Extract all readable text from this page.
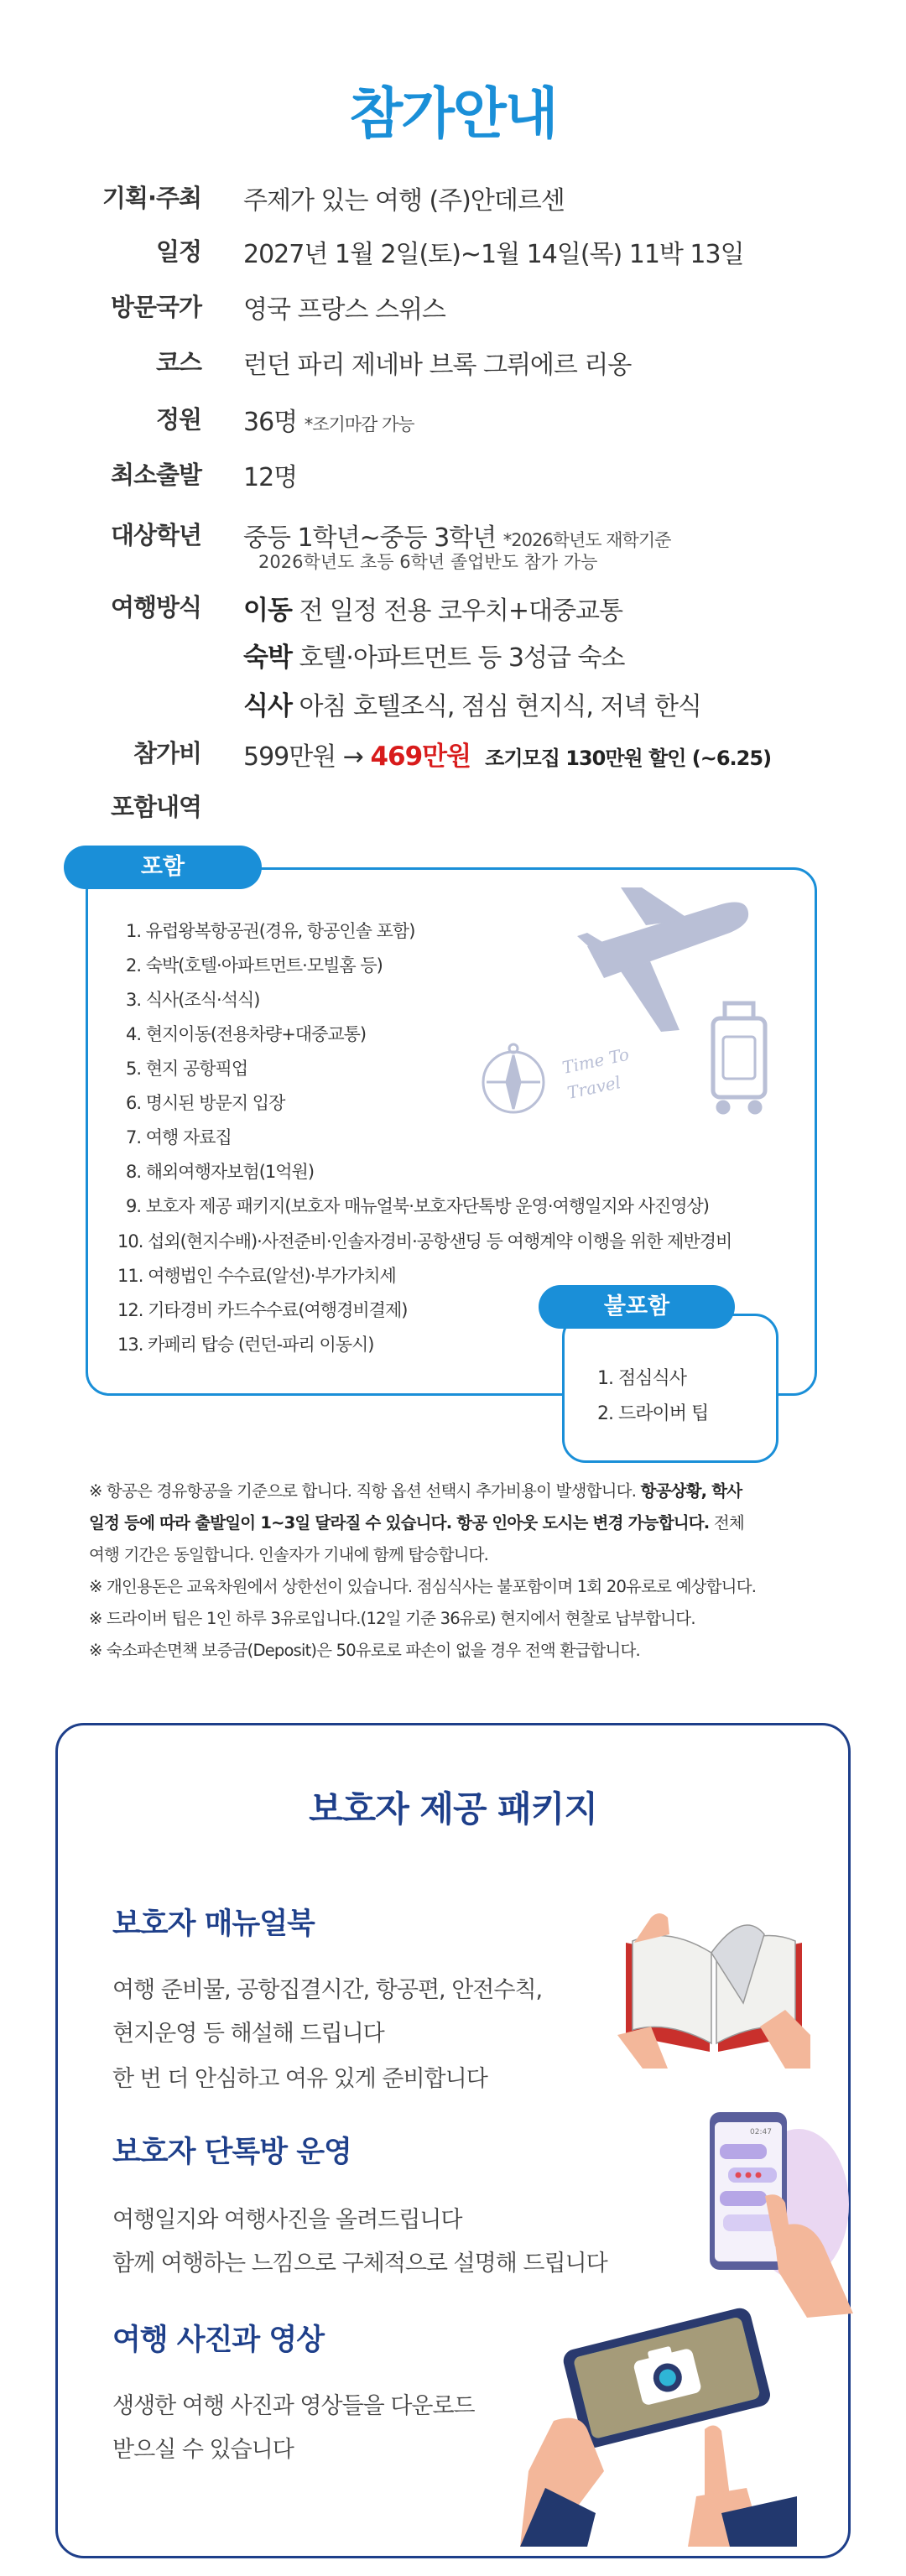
참가안내
기획·주최 주제가 있는 여행 (주)안데르센
일정 2027년 1월 2일(토)~1월 14일(목) 11박 13일
방문국가 영국 프랑스 스위스
코스 런던 파리 제네바 브록 그뤼에르 리옹
정원 36명 *조기마감 가능
최소출발 12명
대상학년 중등 1학년~중등 3학년 *2026학년도 재학기준
2026학년도 초등 6학년 졸업반도 참가 가능
여행방식 이동 전 일정 전용 코우치+대중교통
숙박 호텔·아파트먼트 등 3성급 숙소
식사 아침 호텔조식, 점심 현지식, 저녁 한식
참가비 599만원 → 469만원 조기모집 130만원 할인 (~6.25)
포함내역
포함
1. 유럽왕복항공권(경유, 항공인솔 포함)
2. 숙박(호텔·아파트먼트·모빌홈 등)
3. 식사(조식·석식)
4. 현지이동(전용차량+대중교통)
5. 현지 공항픽업
6. 명시된 방문지 입장
7. 여행 자료집
8. 해외여행자보험(1억원)
9. 보호자 제공 패키지(보호자 매뉴얼북·보호자단톡방 운영·여행일지와 사진영상)
10. 섭외(현지수배)·사전준비·인솔자경비·공항샌딩 등 여행계약 이행을 위한 제반경비
11. 여행법인 수수료(알선)·부가가치세
12. 기타경비 카드수수료(여행경비결제)
13. 카페리 탑승 (런던-파리 이동시)
Time To
Travel
불포함
1. 점심식사
2. 드라이버 팁
※ 항공은 경유항공을 기준으로 합니다. 직항 옵션 선택시 추가비용이 발생합니다. 항공상황, 학사
일정 등에 따라 출발일이 1~3일 달라질 수 있습니다. 항공 인아웃 도시는 변경 가능합니다. 전체
여행 기간은 동일합니다. 인솔자가 기내에 함께 탑승합니다.
※ 개인용돈은 교육차원에서 상한선이 있습니다. 점심식사는 불포함이며 1회 20유로로 예상합니다.
※ 드라이버 팁은 1인 하루 3유로입니다.(12일 기준 36유로) 현지에서 현찰로 납부합니다.
※ 숙소파손면책 보증금(Deposit)은 50유로로 파손이 없을 경우 전액 환급합니다.
보호자 제공 패키지
보호자 매뉴얼북
여행 준비물, 공항집결시간, 항공편, 안전수칙,
현지운영 등 해설해 드립니다
한 번 더 안심하고 여유 있게 준비합니다
보호자 단톡방 운영
여행일지와 여행사진을 올려드립니다
함께 여행하는 느낌으로 구체적으로 설명해 드립니다
여행 사진과 영상
생생한 여행 사진과 영상들을 다운로드
받으실 수 있습니다
02:47
